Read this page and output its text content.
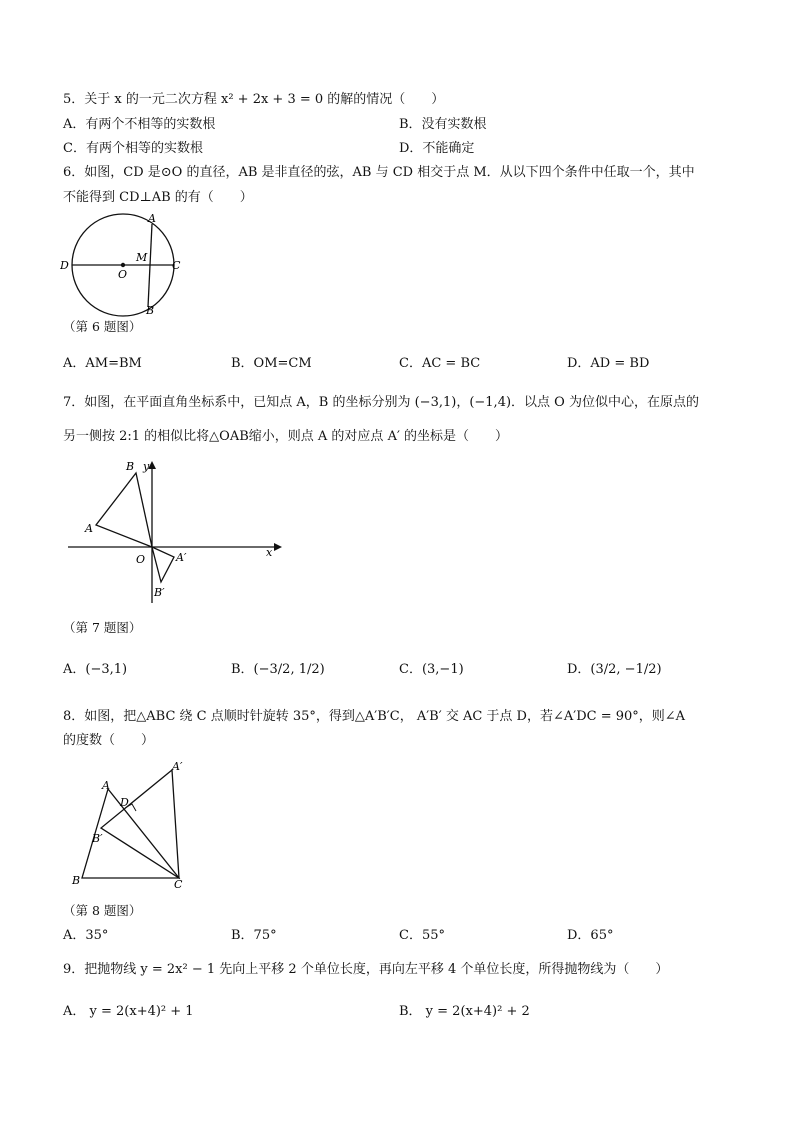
5．关于 x 的一元二次方程 x² + 2x + 3 = 0 的解的情况（　　）
A．有两个不相等的实数根	B．没有实数根
C．有两个相等的实数根	D．不能确定
6．如图，CD 是⊙O 的直径，AB 是非直径的弦，AB 与 CD 相交于点 M．从以下四个条件中任取一个，其中
不能得到 CD⊥AB 的有（　　）
A
B
C
D
O
M
（第 6 题图）
A．AM=BM	B．OM=CM	C．AC = BC	D．AD = BD
7．如图，在平面直角坐标系中，已知点 A，B 的坐标分别为 (−3,1)，(−1,4)．以点 O 为位似中心，在原点的
另一侧按 2:1 的相似比将△OAB缩小，则点 A 的对应点 A′ 的坐标是（　　）
B y
A
O	A′
B′
x
（第 7 题图）
A．(−3,1)	B．(−3/2, 1/2)	C．(3,−1)	D．(3/2, −1/2)
8．如图，把△ABC 绕 C 点顺时针旋转 35°，得到△A′B′C， A′B′ 交 AC 于点 D，若∠A′DC = 90°，则∠A
的度数（　　）
A
B	C
D
A′
B′
（第 8 题图）
A．35°	B．75°	C．55°	D．65°
9．把抛物线 y = 2x² − 1 先向上平移 2 个单位长度，再向左平移 4 个单位长度，所得抛物线为（　　）
A． y = 2(x+4)² + 1	B． y = 2(x+4)² + 2
